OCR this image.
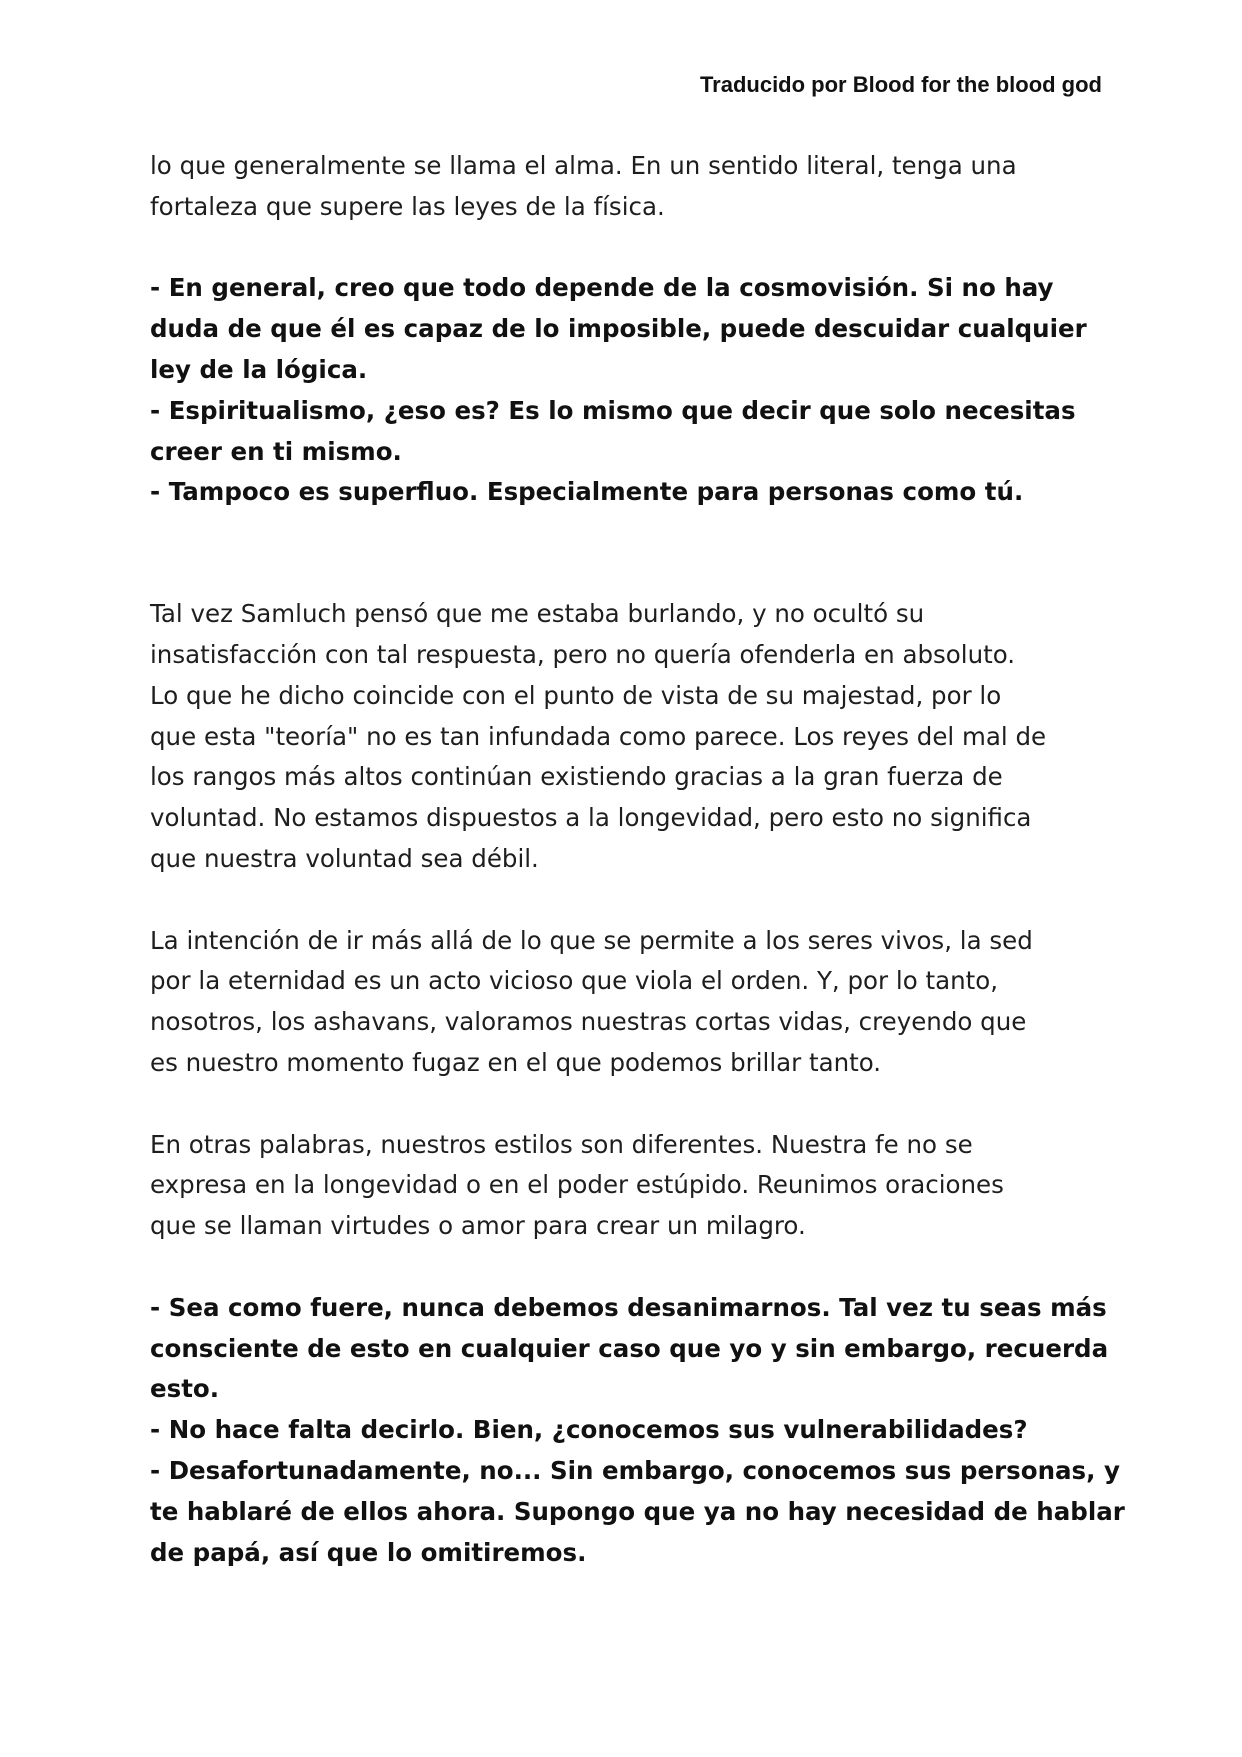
Traducido por Blood for the blood god

lo que generalmente se llama el alma. En un sentido literal, tenga una

fortaleza que supere las leyes de la física.

- En general, creo que todo depende de la cosmovisión. Si no hay

duda de que él es capaz de lo imposible, puede descuidar cualquier

ley de la lógica.

- Espiritualismo, ¿eso es? Es lo mismo que decir que solo necesitas

creer en ti mismo.

- Tampoco es superfluo. Especialmente para personas como tú.

Tal vez Samluch pensó que me estaba burlando, y no ocultó su

insatisfacción con tal respuesta, pero no quería ofenderla en absoluto.

Lo que he dicho coincide con el punto de vista de su majestad, por lo

que esta "teoría" no es tan infundada como parece. Los reyes del mal de

los rangos más altos continúan existiendo gracias a la gran fuerza de

voluntad. No estamos dispuestos a la longevidad, pero esto no significa

que nuestra voluntad sea débil.

La intención de ir más allá de lo que se permite a los seres vivos, la sed

por la eternidad es un acto vicioso que viola el orden. Y, por lo tanto,

nosotros, los ashavans, valoramos nuestras cortas vidas, creyendo que

es nuestro momento fugaz en el que podemos brillar tanto.

En otras palabras, nuestros estilos son diferentes. Nuestra fe no se

expresa en la longevidad o en el poder estúpido. Reunimos oraciones

que se llaman virtudes o amor para crear un milagro.

- Sea como fuere, nunca debemos desanimarnos. Tal vez tu seas más

consciente de esto en cualquier caso que yo y sin embargo, recuerda

esto.

- No hace falta decirlo. Bien, ¿conocemos sus vulnerabilidades?

- Desafortunadamente, no... Sin embargo, conocemos sus personas, y

te hablaré de ellos ahora. Supongo que ya no hay necesidad de hablar

de papá, así que lo omitiremos.
